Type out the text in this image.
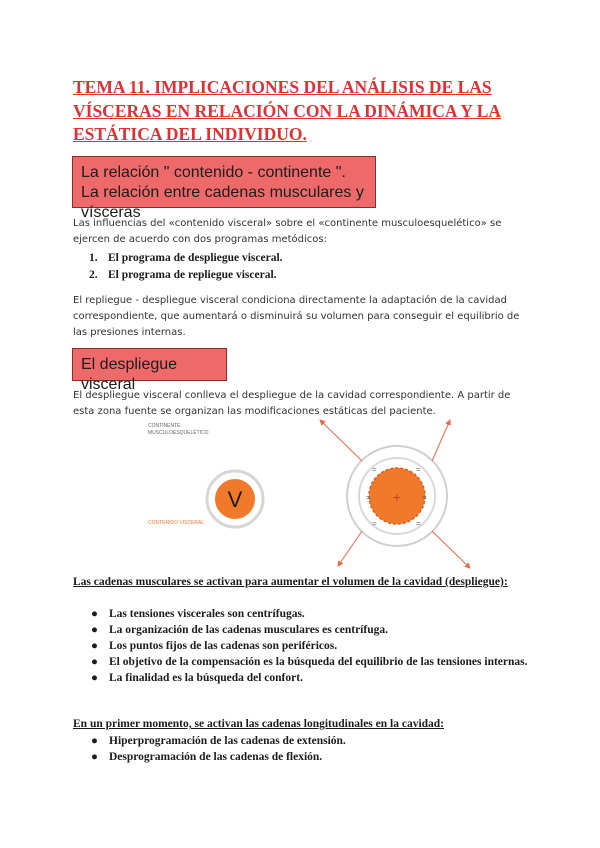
TEMA 11. IMPLICACIONES DEL ANÁLISIS DE LAS VÍSCERAS EN RELACIÓN CON LA DINÁMICA Y LA ESTÁTICA DEL INDIVIDUO.
La relación " contenido - continente ". La relación entre cadenas musculares y vísceras
Las influencias del «contenido visceral» sobre el «continente musculoesquelético» se ejercen de acuerdo con dos programas metódicos:
1. El programa de despliegue visceral.
2. El programa de repliegue visceral.
El repliegue - despliegue visceral condiciona directamente la adaptación de la cavidad correspondiente, que aumentará o disminuirá su volumen para conseguir el equilibrio de las presiones internas.
El despliegue visceral
El despliegue visceral conlleva el despliegue de la cavidad correspondiente. A partir de esta zona fuente se organizan las modificaciones estáticas del paciente.
CONTINENTE
MUSCULOESQUELÉTICO
V
CONTENIDO VISCERAL
+
=	=
=	=
=	=
Las cadenas musculares se activan para aumentar el volumen de la cavidad (despliegue):
● Las tensiones viscerales son centrífugas.
● La organización de las cadenas musculares es centrífuga.
● Los puntos fijos de las cadenas son periféricos.
● El objetivo de la compensación es la búsqueda del equilibrio de las tensiones internas.
● La finalidad es la búsqueda del confort.
En un primer momento, se activan las cadenas longitudinales en la cavidad:
● Hiperprogramación de las cadenas de extensión.
● Desprogramación de las cadenas de flexión.
